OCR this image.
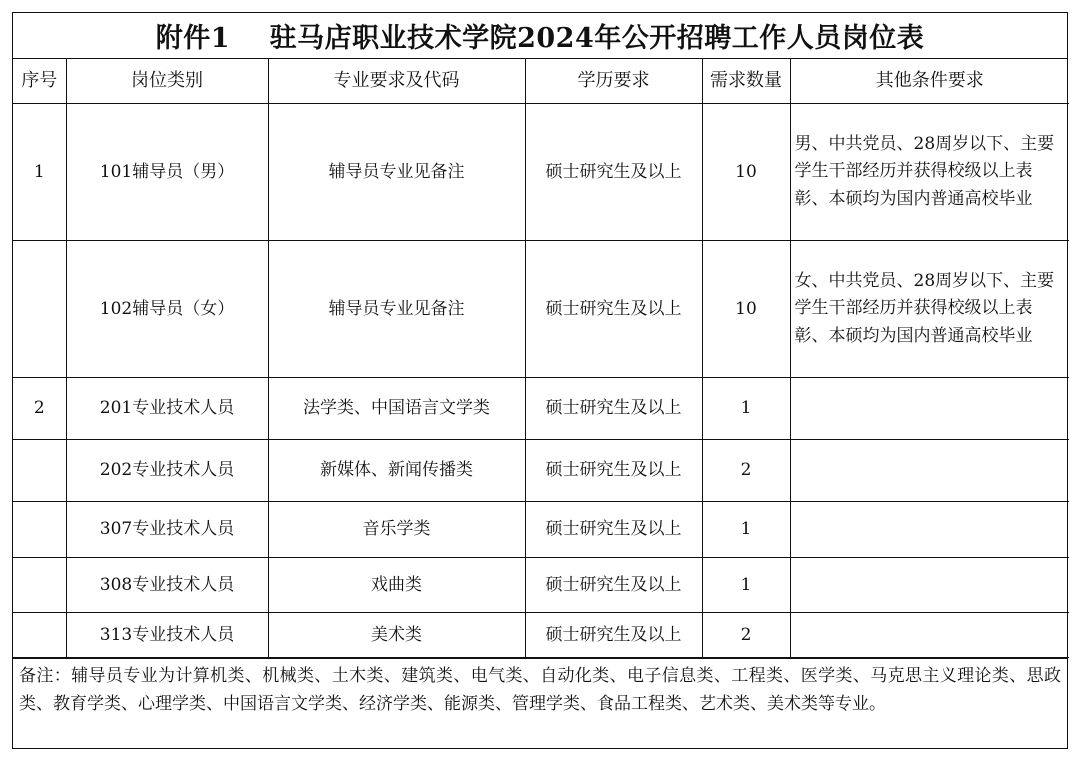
附件1    驻马店职业技术学院2024年公开招聘工作人员岗位表
序号	岗位类别	专业要求及代码	学历要求	需求数量	其他条件要求
1	101辅导员（男）	辅导员专业见备注	硕士研究生及以上	10	男、中共党员、28周岁以下、主要学生干部经历并获得校级以上表彰、本硕均为国内普通高校毕业
	102辅导员（女）	辅导员专业见备注	硕士研究生及以上	10	女、中共党员、28周岁以下、主要学生干部经历并获得校级以上表彰、本硕均为国内普通高校毕业
2	201专业技术人员	法学类、中国语言文学类	硕士研究生及以上	1	
	202专业技术人员	新媒体、新闻传播类	硕士研究生及以上	2	
	307专业技术人员	音乐学类	硕士研究生及以上	1	
	308专业技术人员	戏曲类	硕士研究生及以上	1	
	313专业技术人员	美术类	硕士研究生及以上	2	
备注：辅导员专业为计算机类、机械类、土木类、建筑类、电气类、自动化类、电子信息类、工程类、医学类、马克思主义理论类、思政类、教育学类、心理学类、中国语言文学类、经济学类、能源类、管理学类、食品工程类、艺术类、美术类等专业。
